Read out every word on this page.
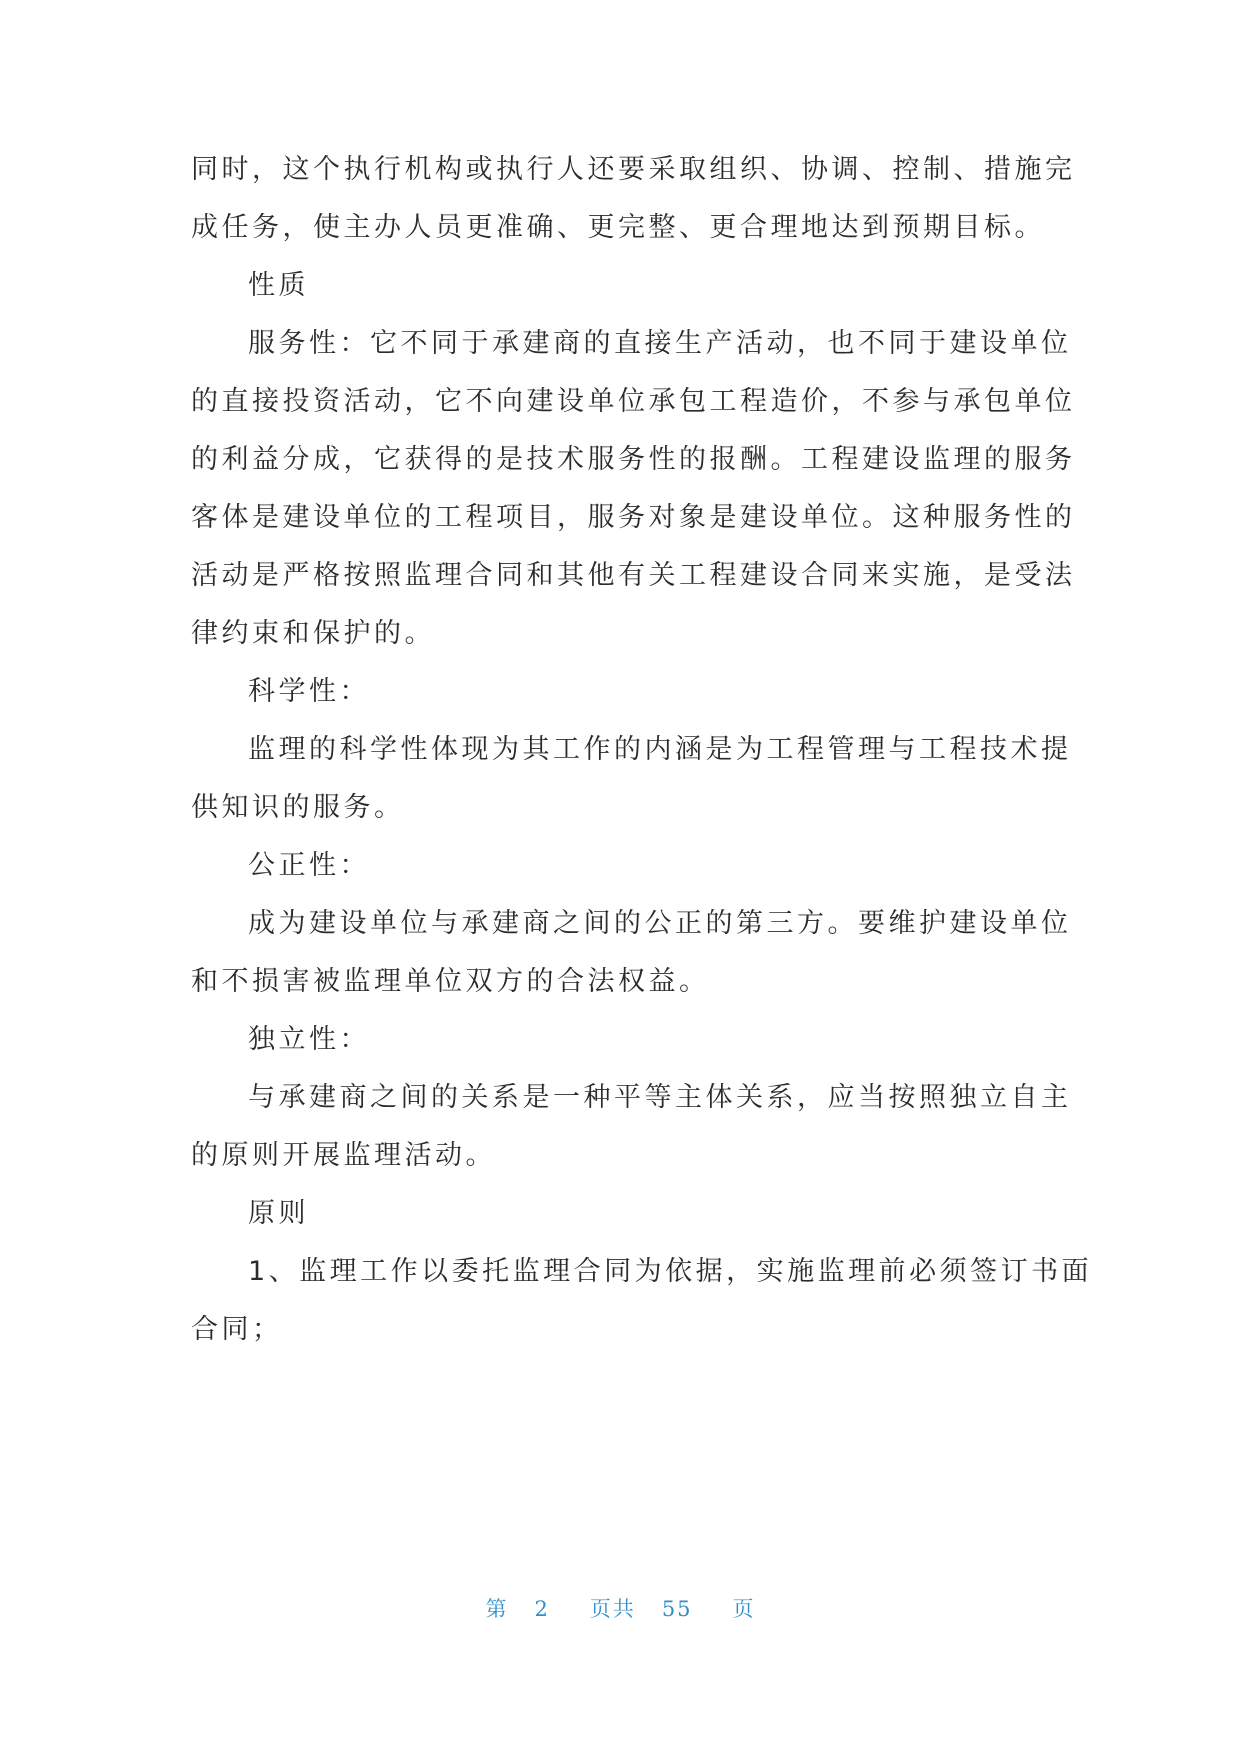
同时，这个执行机构或执行人还要采取组织、协调、控制、措施完
成任务，使主办人员更准确、更完整、更合理地达到预期目标。
性质
服务性：它不同于承建商的直接生产活动，也不同于建设单位
的直接投资活动，它不向建设单位承包工程造价，不参与承包单位
的利益分成，它获得的是技术服务性的报酬。工程建设监理的服务
客体是建设单位的工程项目，服务对象是建设单位。这种服务性的
活动是严格按照监理合同和其他有关工程建设合同来实施，是受法
律约束和保护的。
科学性：
监理的科学性体现为其工作的内涵是为工程管理与工程技术提
供知识的服务。
公正性：
成为建设单位与承建商之间的公正的第三方。要维护建设单位
和不损害被监理单位双方的合法权益。
独立性：
与承建商之间的关系是一种平等主体关系，应当按照独立自主
的原则开展监理活动。
原则
1、监理工作以委托监理合同为依据，实施监理前必须签订书面
合同；
第 2 页共 55 页
